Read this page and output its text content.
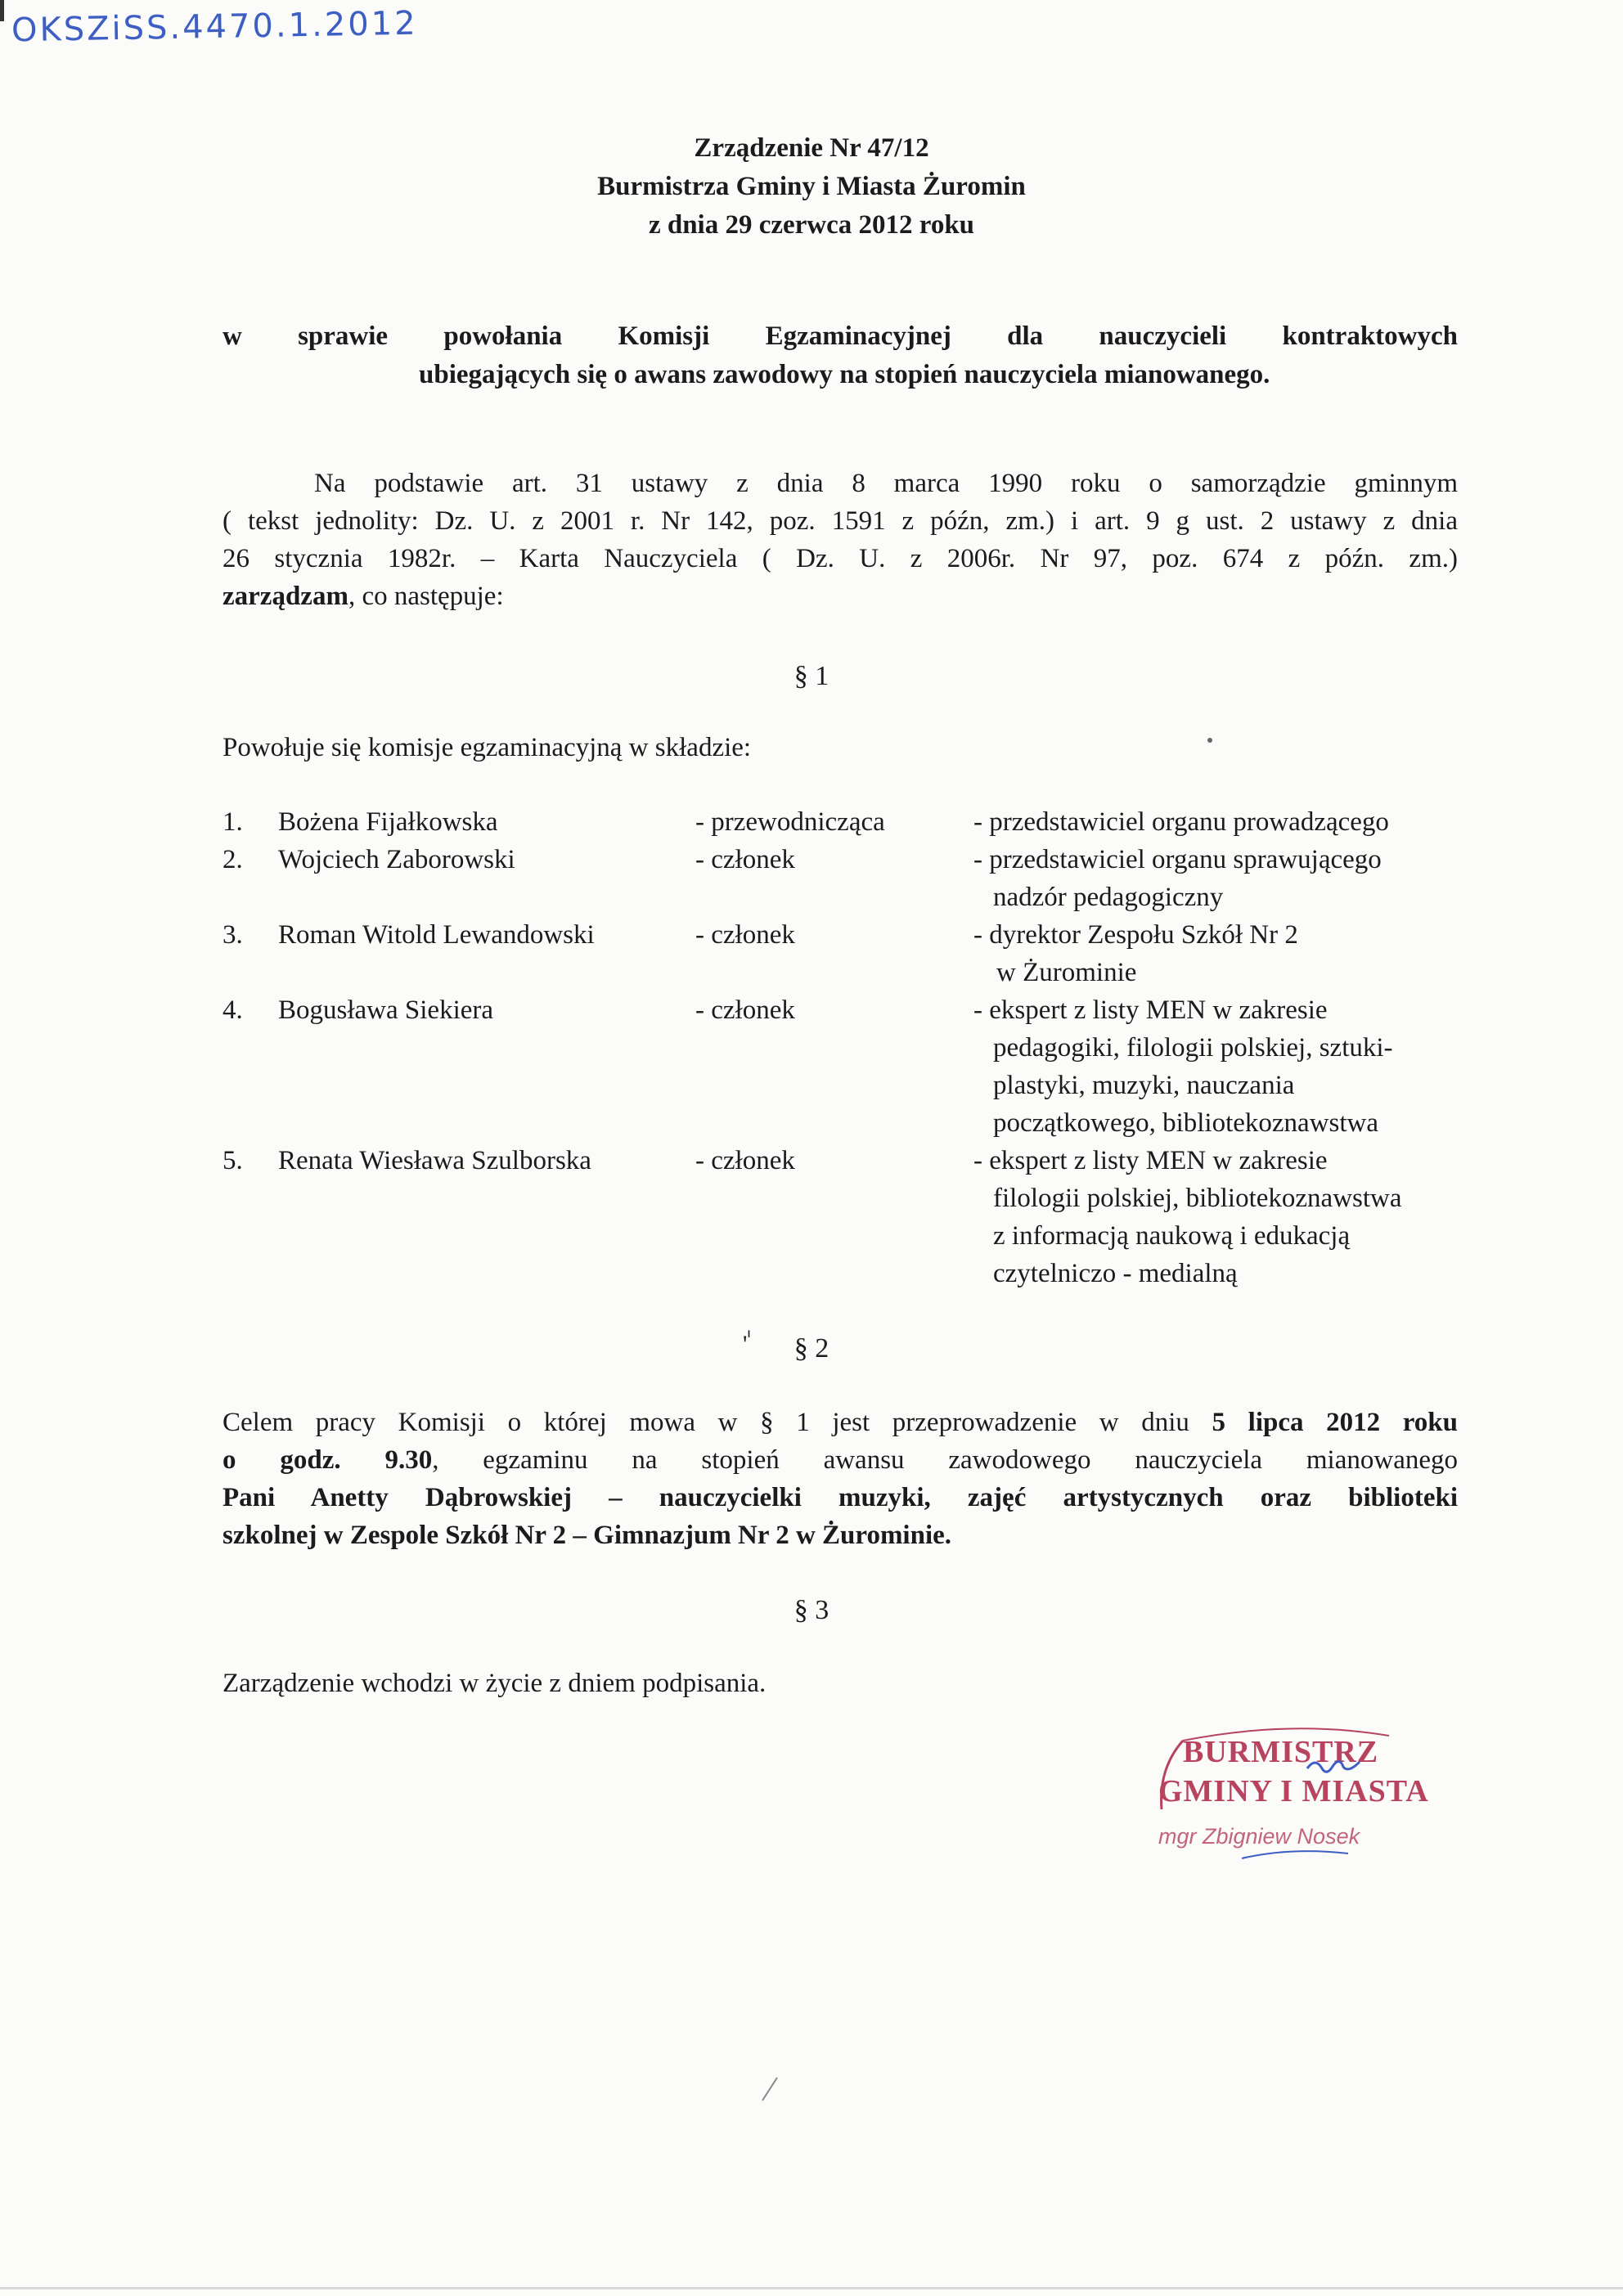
OKSZiSS.4470.1.2012
Zrządzenie Nr 47/12
Burmistrza Gminy i Miasta Żuromin
z dnia 29 czerwca 2012 roku
w sprawie powołania Komisji Egzaminacyjnej dla nauczycieli kontraktowych
ubiegających się o awans zawodowy na stopień nauczyciela mianowanego.
Na podstawie art. 31 ustawy z dnia 8 marca 1990 roku o samorządzie gminnym
( tekst jednolity: Dz. U. z 2001 r. Nr 142, poz. 1591 z późn, zm.) i art. 9 g ust. 2 ustawy z dnia
26 stycznia 1982r. – Karta Nauczyciela ( Dz. U. z 2006r. Nr 97, poz. 674 z późn. zm.)
zarządzam, co następuje:
§ 1
Powołuje się komisje egzaminacyjną w składzie:
1.	Bożena Fijałkowska	- przewodnicząca	- przedstawiciel organu prowadzącego
2.	Wojciech Zaborowski	- członek	- przedstawiciel organu sprawującego
nadzór pedagogiczny
3.	Roman Witold Lewandowski	- członek	- dyrektor Zespołu Szkół Nr 2
w Żurominie
4.	Bogusława Siekiera	- członek	- ekspert z listy MEN w zakresie
pedagogiki, filologii polskiej, sztuki-
plastyki, muzyki, nauczania
początkowego, bibliotekoznawstwa
5.	Renata Wiesława Szulborska	- członek	- ekspert z listy MEN w zakresie
filologii polskiej, bibliotekoznawstwa
z informacją naukową i edukacją
czytelniczo - medialną
ٰ'	§ 2
Celem pracy Komisji o której mowa w § 1 jest przeprowadzenie w dniu 5 lipca 2012 roku
o godz. 9.30, egzaminu na stopień awansu zawodowego nauczyciela mianowanego
Pani Anetty Dąbrowskiej – nauczycielki muzyki, zajęć artystycznych oraz biblioteki
szkolnej w Zespole Szkół Nr 2 – Gimnazjum Nr 2 w Żurominie.
§ 3
Zarządzenie wchodzi w życie z dniem podpisania.
BURMISTRZ
GMINY I MIASTA
mgr Zbigniew Nosek
